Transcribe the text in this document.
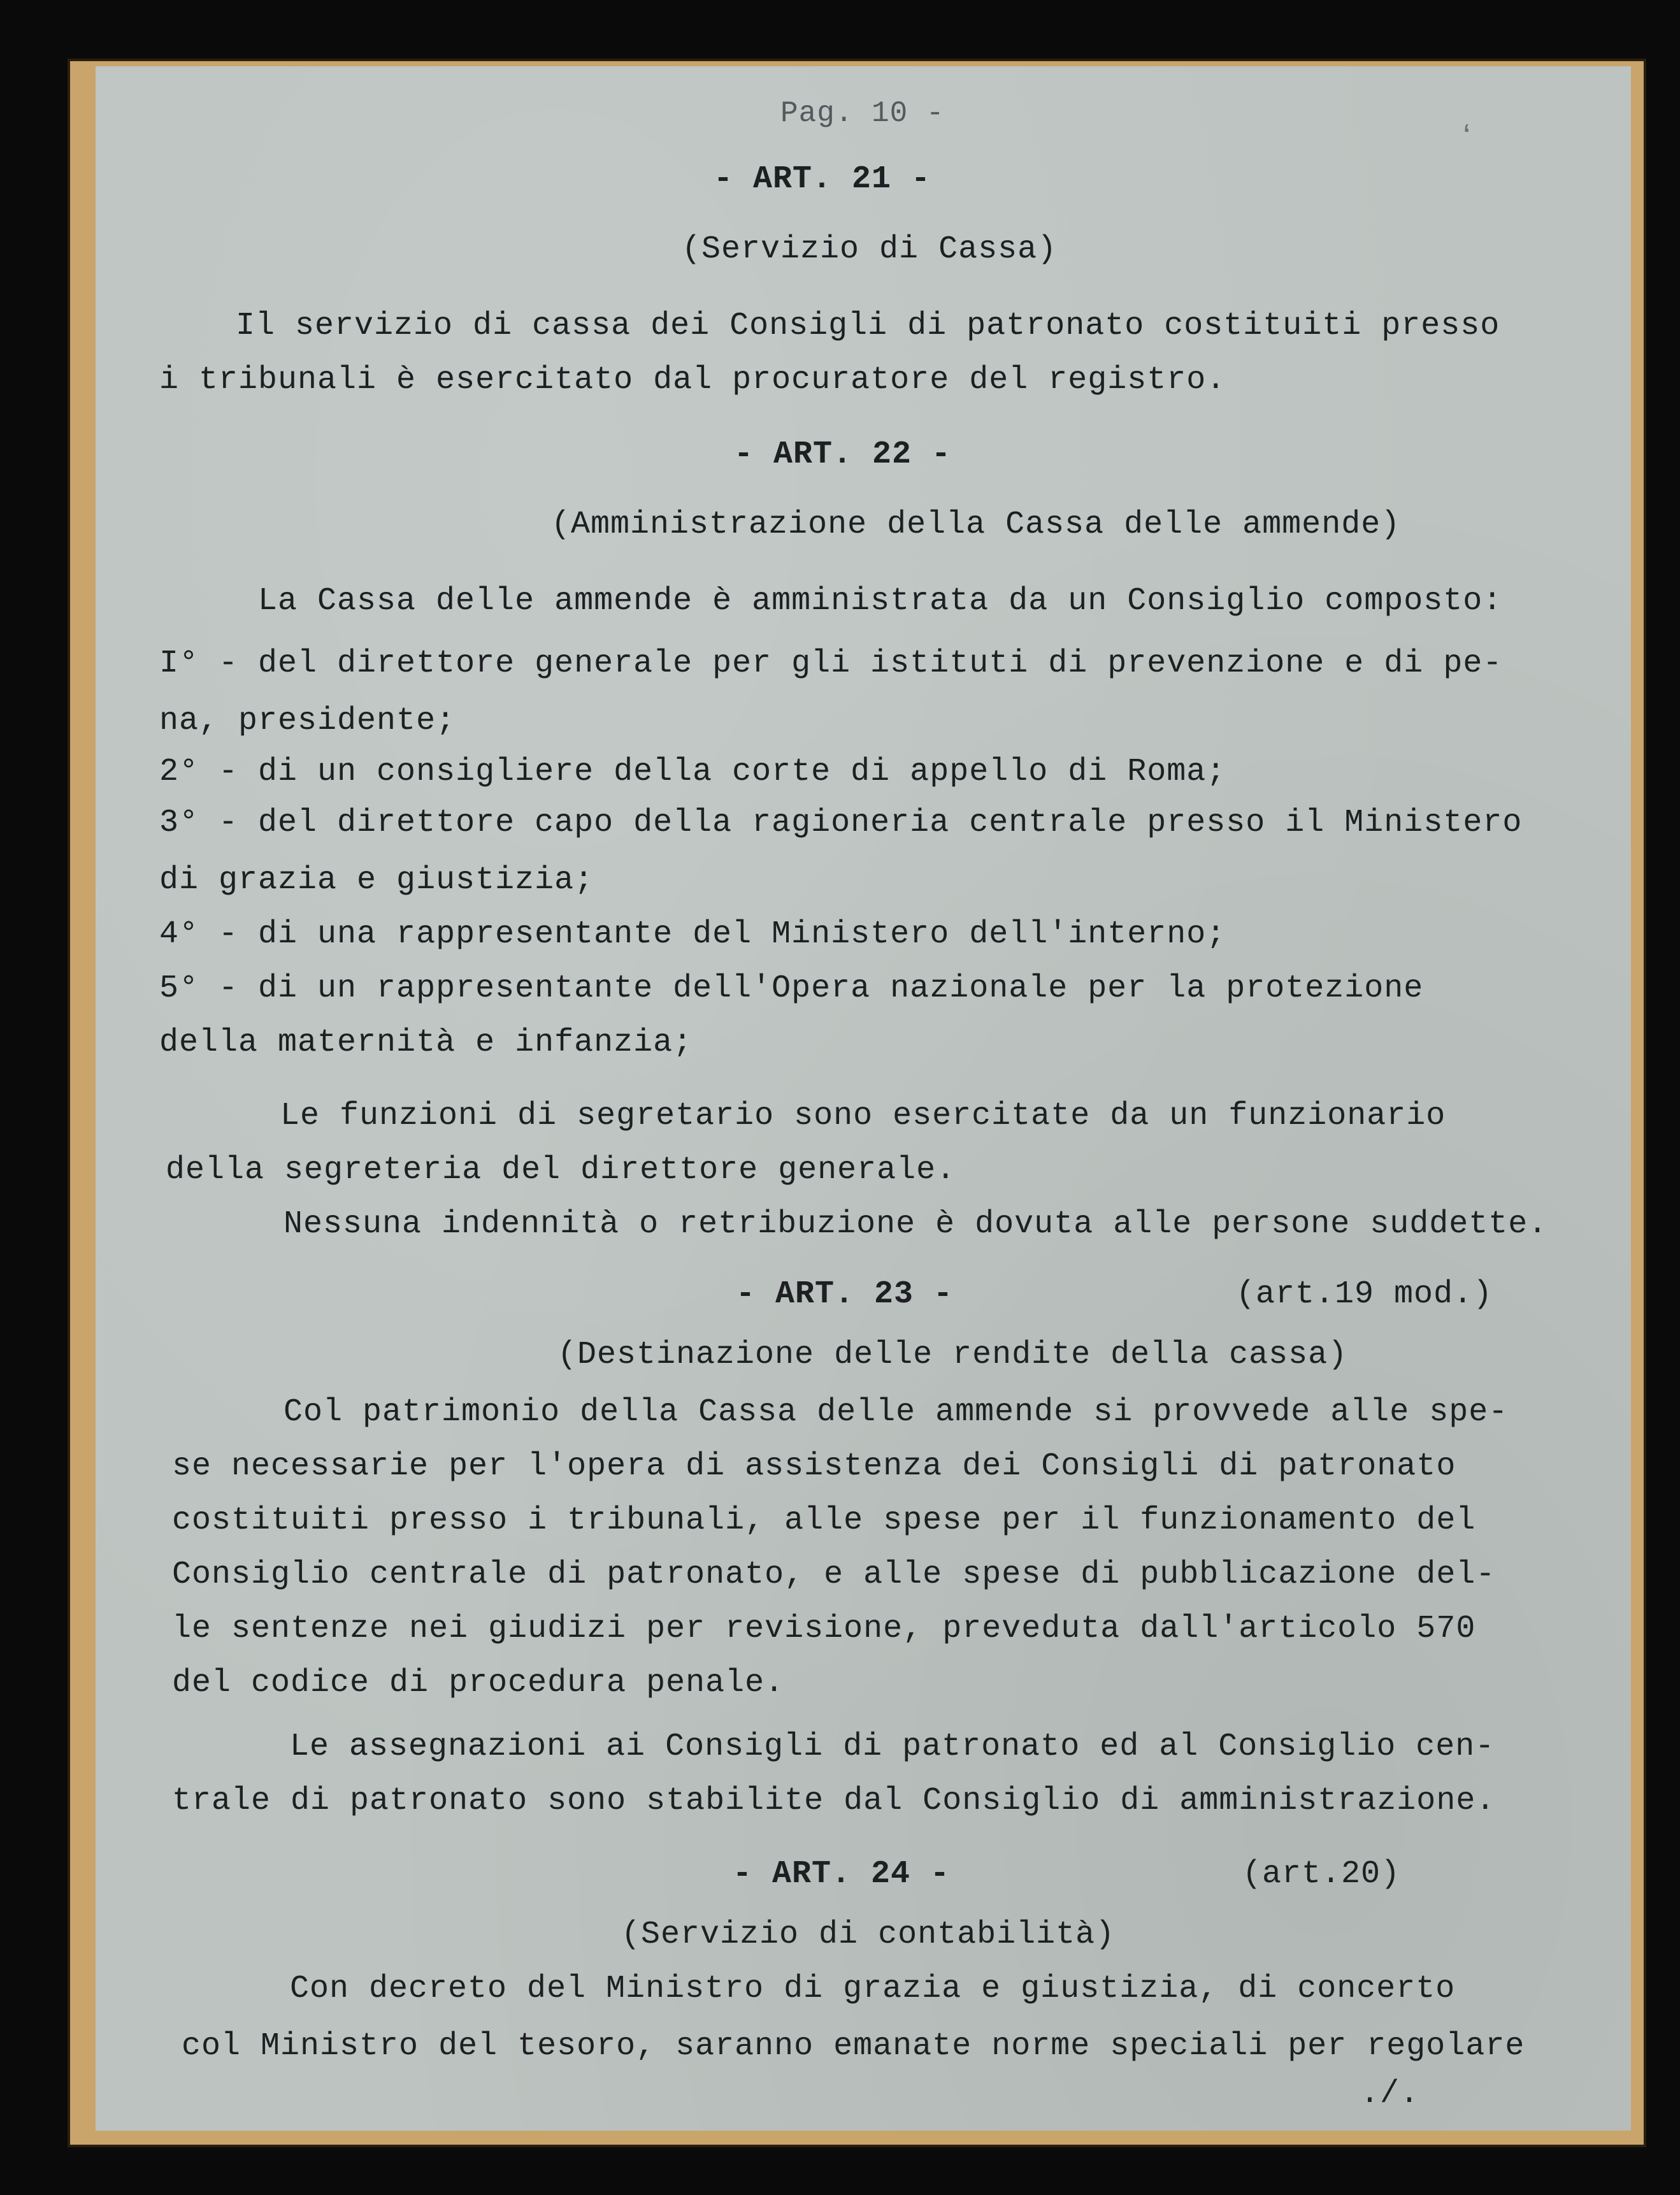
Pag. 10 -
ʻ
- ART. 21 -
(Servizio di Cassa)
Il servizio di cassa dei Consigli di patronato costituiti presso
i tribunali è esercitato dal procuratore del registro.
- ART. 22 -
(Amministrazione della Cassa delle ammende)
La Cassa delle ammende è amministrata da un Consiglio composto:
I° - del direttore generale per gli istituti di prevenzione e di pe-
na, presidente;
2° - di un consigliere della corte di appello di Roma;
3° - del direttore capo della ragioneria centrale presso il Ministero
di grazia e giustizia;
4° - di una rappresentante del Ministero dell'interno;
5° - di un rappresentante dell'Opera nazionale per la protezione
della maternità e infanzia;
Le funzioni di segretario sono esercitate da un funzionario
della segreteria del direttore generale.
Nessuna indennità o retribuzione è dovuta alle persone suddette.
- ART. 23 -	(art.19 mod.)
(Destinazione delle rendite della cassa)
Col patrimonio della Cassa delle ammende si provvede alle spe-
se necessarie per l'opera di assistenza dei Consigli di patronato
costituiti presso i tribunali, alle spese per il funzionamento del
Consiglio centrale di patronato, e alle spese di pubblicazione del-
le sentenze nei giudizi per revisione, preveduta dall'articolo 570
del codice di procedura penale.
Le assegnazioni ai Consigli di patronato ed al Consiglio cen-
trale di patronato sono stabilite dal Consiglio di amministrazione.
- ART. 24 -	(art.20)
(Servizio di contabilità)
Con decreto del Ministro di grazia e giustizia, di concerto
col Ministro del tesoro, saranno emanate norme speciali per regolare
./.
